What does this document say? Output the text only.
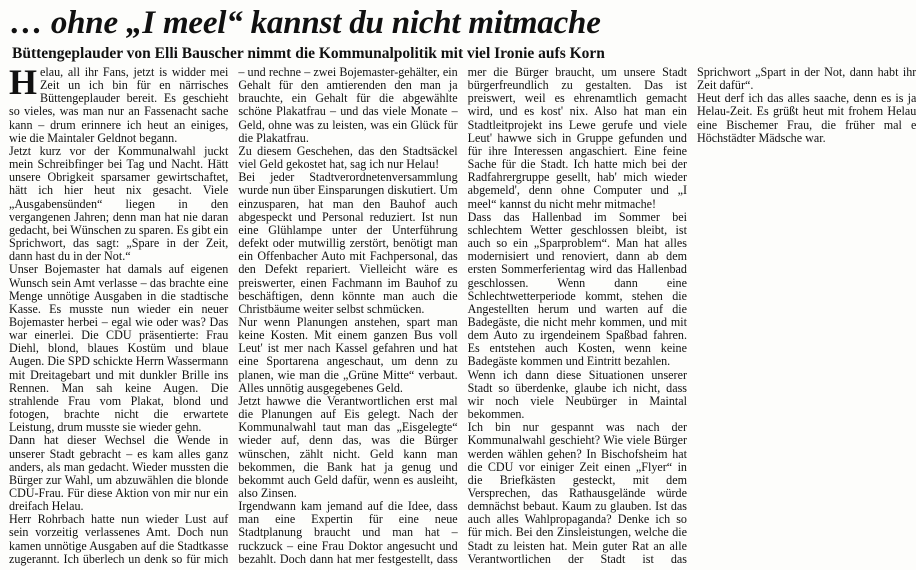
… ohne „I meel“ kannst du nicht mitmache
Büttengeplauder von Elli Bauscher nimmt die Kommunalpolitik mit viel Ironie aufs Korn

Helau, all ihr Fans, jetzt is widder mei Zeit un ich bin für en närrisches Büttengeplauder bereit. Es geschieht so vieles, was man nur an Fassenacht sache kann – drum erinnere ich heut an einiges, wie die Maintaler Geldnot begann.

Jetzt kurz vor der Kommunalwahl juckt mein Schreibfinger bei Tag und Nacht. Hätt unsere Obrigkeit sparsamer gewirtschaftet, hätt ich hier heut nix gesacht. Viele „Ausgabensünden“ liegen in den vergangenen Jahren; denn man hat nie daran gedacht, bei Wünschen zu sparen. Es gibt ein Sprichwort, das sagt: „Spare in der Zeit, dann hast du in der Not.“

Unser Bojemaster hat damals auf eigenen Wunsch sein Amt verlasse – das brachte eine Menge unnötige Ausgaben in die stadtische Kasse. Es musste nun wieder ein neuer Bojemaster herbei – egal wie oder was? Das war einerlei. Die CDU präsentierte: Frau Diehl, blond, blaues Kostüm und blaue Augen. Die SPD schickte Herrn Wassermann mit Dreitagebart und mit dunkler Brille ins Rennen. Man sah keine Augen. Die strahlende Frau vom Plakat, blond und fotogen, brachte nicht die erwartete Leistung, drum musste sie wieder gehn.

Dann hat dieser Wechsel die Wende in unserer Stadt gebracht – es kam alles ganz anders, als man gedacht. Wieder mussten die Bürger zur Wahl, um abzuwählen die blonde CDU-Frau. Für diese Aktion von mir nur ein dreifach Helau.

Herr Rohrbach hatte nun wieder Lust auf sein vorzeitig verlassenes Amt. Doch nun kamen unnötige Ausgaben auf die Stadtkasse zugerannt. Ich überlech un denk so für mich – und rechne – zwei Bojemaster-gehälter, ein Gehalt für den amtierenden den man ja brauchte, ein Gehalt für die abgewählte schöne Plakatfrau – und das viele Monate – Geld, ohne was zu leisten, was ein Glück für die Plakatfrau.

Zu diesem Geschehen, das den Stadtsäckel viel Geld gekostet hat, sag ich nur Helau!

Bei jeder Stadtverordnetenversammlung wurde nun über Einsparungen diskutiert. Um einzusparen, hat man den Bauhof auch abgespeckt und Personal reduziert. Ist nun eine Glühlampe unter der Unterführung defekt oder mutwillig zerstört, benötigt man ein Offenbacher Auto mit Fachpersonal, das den Defekt repariert. Vielleicht wäre es preiswerter, einen Fachmann im Bauhof zu beschäftigen, denn könnte man auch die Christbäume weiter selbst schmücken.

Nur wenn Planungen anstehen, spart man keine Kosten. Mit einem ganzen Bus voll Leut' ist mer nach Kassel gefahren und hat eine Sportarena angeschaut, um denn zu planen, wie man die „Grüne Mitte“ verbaut. Alles unnötig ausgegebenes Geld.

Jetzt hawwe die Verantwortlichen erst mal die Planungen auf Eis gelegt. Nach der Kommunalwahl taut man das „Eisgelegte“ wieder auf, denn das, was die Bürger wünschen, zählt nicht. Geld kann man bekommen, die Bank hat ja genug und bekommt auch Geld dafür, wenn es ausleiht, also Zinsen.

Irgendwann kam jemand auf die Idee, dass man eine Expertin für eine neue Stadtplanung braucht und man hat – ruckzuck – eine Frau Doktor angesucht und bezahlt. Doch dann hat mer festgestellt, dass mer die Bürger braucht, um unsere Stadt bürgerfreundlich zu gestalten. Das ist preiswert, weil es ehrenamtlich gemacht wird, und es kost' nix. Also hat man ein Stadtleitprojekt ins Lewe gerufe und viele Leut' hawwe sich in Gruppe gefunden und für ihre Interessen angaschiert. Eine feine Sache für die Stadt. Ich hatte mich bei der Radfahrergruppe gesellt, hab' mich wieder abgemeld', denn ohne Computer und „I meel“ kannst du nicht mehr mitmache!

Dass das Hallenbad im Sommer bei schlechtem Wetter geschlossen bleibt, ist auch so ein „Sparproblem“. Man hat alles modernisiert und renoviert, dann ab dem ersten Sommerferientag wird das Hallenbad geschlossen. Wenn dann eine Schlechtwetterperiode kommt, stehen die Angestellten herum und warten auf die Badegäste, die nicht mehr kommen, und mit dem Auto zu irgendeinem Spaßbad fahren. Es entstehen auch Kosten, wenn keine Badegäste kommen und Eintritt bezahlen.

Wenn ich dann diese Situationen unserer Stadt so überdenke, glaube ich nicht, dass wir noch viele Neubürger in Maintal bekommen.

Ich bin nur gespannt was nach der Kommunalwahl geschieht? Wie viele Bürger werden wählen gehen? In Bischofsheim hat die CDU vor einiger Zeit einen „Flyer“ in die Briefkästen gesteckt, mit dem Versprechen, das Rathausgelände würde demnächst bebaut. Kaum zu glauben. Ist das auch alles Wahlpropaganda? Denke ich so für mich. Bei den Zinsleistungen, welche die Stadt zu leisten hat. Mein guter Rat an alle Verantwortlichen der Stadt ist das Sprichwort „Spart in der Not, dann habt ihr Zeit dafür“.

Heut derf ich das alles saache, denn es is ja Helau-Zeit. Es grüßt heut mit frohem Helau eine Bischemer Frau, die früher mal e Höchstädter Mädsche war.
